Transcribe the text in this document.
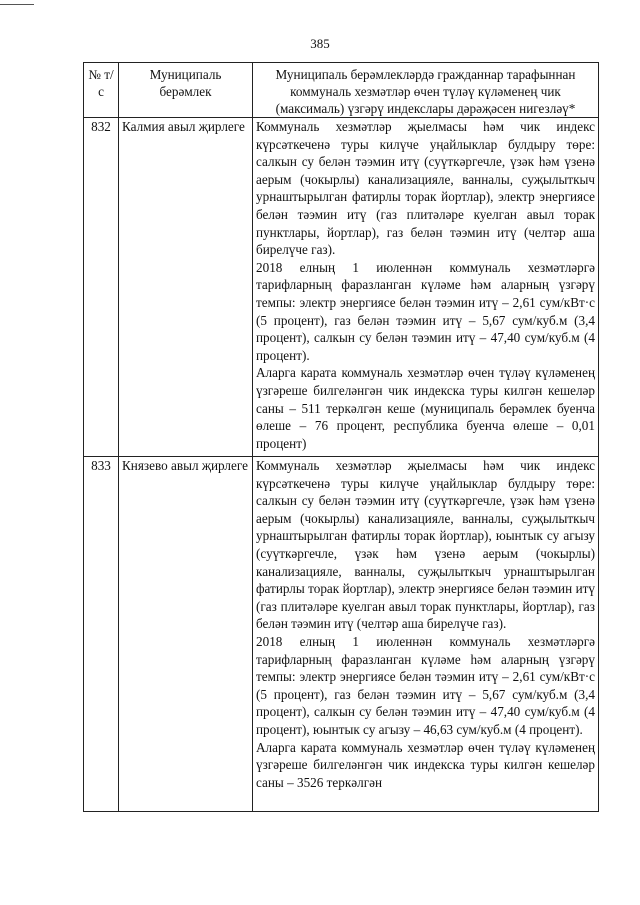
385
№ т/с	Муниципаль берәмлек	Муниципаль берәмлекләрдә гражданнар тарафыннан коммуналь хезмәтләр өчен түләү күләменең чик (максималь) үзгәрү индекслары дәрәҗәсен нигезләү*
832	Калмия авыл җирлеге	Коммуналь хезмәтләр җыелмасы һәм чик индекс күрсәткеченә туры килүче уңайлыклар булдыру төре: салкын су белән тәэмин итү (суүткәргечле, үзәк һәм үзенә аерым (чокырлы) канализацияле, ванналы, суҗылыткыч урнаштырылган фатирлы торак йортлар), электр энергиясе белән тәэмин итү (газ плитәләре куелган авыл торак пунктлары, йортлар), газ белән тәэмин итү (челтәр аша бирелүче газ).

2018 елның 1 июленнән коммуналь хезмәтләргә тарифларның фаразланган күләме һәм аларның үзгәрү темпы: электр энергиясе белән тәэмин итү – 2,61 сум/кВт·с (5 процент), газ белән тәэмин итү – 5,67 сум/куб.м (3,4 процент), салкын су белән тәэмин итү – 47,40 сум/куб.м (4 процент).

Аларга карата коммуналь хезмәтләр өчен түләү күләменең үзгәреше билгеләнгән чик индекска туры килгән кешеләр саны – 511 теркәлгән кеше (муниципаль берәмлек буенча өлеше – 76 процент, республика буенча өлеше – 0,01 процент)

833	Князево авыл җирлеге	Коммуналь хезмәтләр җыелмасы һәм чик индекс күрсәткеченә туры килүче уңайлыклар булдыру төре: салкын су белән тәэмин итү (суүткәргечле, үзәк һәм үзенә аерым (чокырлы) канализацияле, ванналы, суҗылыткыч урнаштырылган фатирлы торак йортлар), юынтык су агызу (суүткәргечле, үзәк һәм үзенә аерым (чокырлы) канализацияле, ванналы, суҗылыткыч урнаштырылган фатирлы торак йортлар), электр энергиясе белән тәэмин итү (газ плитәләре куелган авыл торак пунктлары, йортлар), газ белән тәэмин итү (челтәр аша бирелүче газ).

2018 елның 1 июленнән коммуналь хезмәтләргә тарифларның фаразланган күләме һәм аларның үзгәрү темпы: электр энергиясе белән тәэмин итү – 2,61 сум/кВт·с (5 процент), газ белән тәэмин итү – 5,67 сум/куб.м (3,4 процент), салкын су белән тәэмин итү – 47,40 сум/куб.м (4 процент), юынтык су агызу – 46,63 сум/куб.м (4 процент).

Аларга карата коммуналь хезмәтләр өчен түләү күләменең үзгәреше билгеләнгән чик индекска туры килгән кешеләр саны – 3526 теркәлгән
